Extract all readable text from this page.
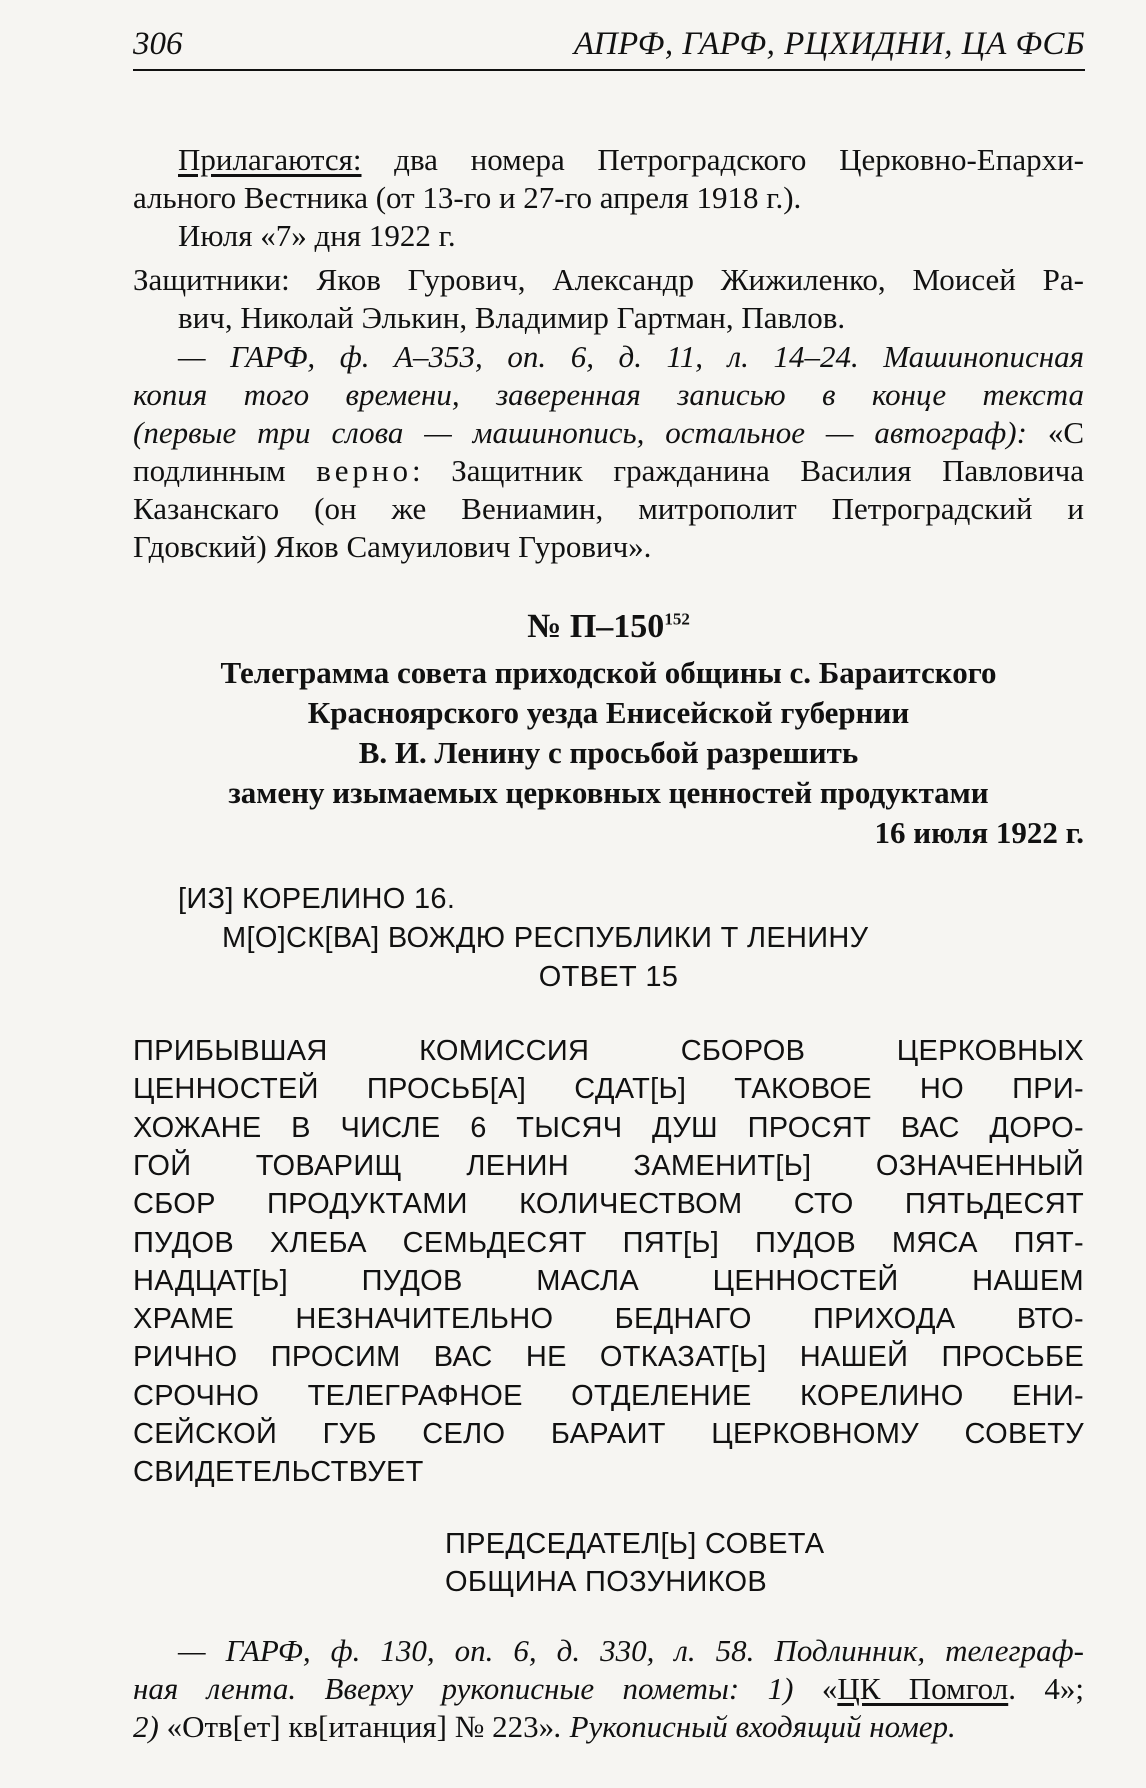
306	АПРФ, ГАРФ, РЦХИДНИ, ЦА ФСБ
Прилагаются: два номера Петроградского Церковно-Епархи-
ального Вестника (от 13-го и 27-го апреля 1918 г.).
Июля «7» дня 1922 г.
Защитники: Яков Гурович, Александр Жижиленко, Моисей Ра-
вич, Николай Элькин, Владимир Гартман, Павлов.
— ГАРФ, ф. А–353, оп. 6, д. 11, л. 14–24. Машинописная
копия того времени, заверенная записью в конце текста
(первые три слова — машинопись, остальное — автограф): «С
подлинным верно: Защитник гражданина Василия Павловича
Казанскаго (он же Вениамин, митрополит Петроградский и
Гдовский) Яков Самуилович Гурович».
№ $П-150^{152}$
Телеграмма совета приходской общины с. Бараитского
Красноярского уезда Енисейской губернии
В. И. Ленину с просьбой разрешить
замену изымаемых церковных ценностей продуктами
16 июля 1922 г.
[ИЗ] КОРЕЛИНО 16.
М[О]СК[ВА] ВОЖДЮ РЕСПУБЛИКИ Т ЛЕНИНУ
ОТВЕТ 15
ПРИБЫВШАЯ КОМИССИЯ СБОРОВ ЦЕРКОВНЫХ
ЦЕННОСТЕЙ ПРОСЬБ[А] СДАТ[Ь] ТАКОВОЕ НО ПРИ-
ХОЖАНЕ В ЧИСЛЕ 6 ТЫСЯЧ ДУШ ПРОСЯТ ВАС ДОРО-
ГОЙ ТОВАРИЩ ЛЕНИН ЗАМЕНИТ[Ь] ОЗНАЧЕННЫЙ
СБОР ПРОДУКТАМИ КОЛИЧЕСТВОМ СТО ПЯТЬДЕСЯТ
ПУДОВ ХЛЕБА СЕМЬДЕСЯТ ПЯТ[Ь] ПУДОВ МЯСА ПЯТ-
НАДЦАТ[Ь] ПУДОВ МАСЛА ЦЕННОСТЕЙ НАШЕМ
ХРАМЕ НЕЗНАЧИТЕЛЬНО БЕДНАГО ПРИХОДА ВТО-
РИЧНО ПРОСИМ ВАС НЕ ОТКАЗАТ[Ь] НАШЕЙ ПРОСЬБЕ
СРОЧНО ТЕЛЕГРАФНОЕ ОТДЕЛЕНИЕ КОРЕЛИНО ЕНИ-
СЕЙСКОЙ ГУБ СЕЛО БАРАИТ ЦЕРКОВНОМУ СОВЕТУ
СВИДЕТЕЛЬСТВУЕТ
ПРЕДСЕДАТЕЛ[Ь] СОВЕТА
ОБЩИНА ПОЗУНИКОВ
— ГАРФ, ф. 130, оп. 6, д. 330, л. 58. Подлинник, телеграф-
ная лента. Вверху рукописные пометы: 1) «ЦК Помгол. 4»;
2) «Отв[ет] кв[итанция] № 223». Рукописный входящий номер.
